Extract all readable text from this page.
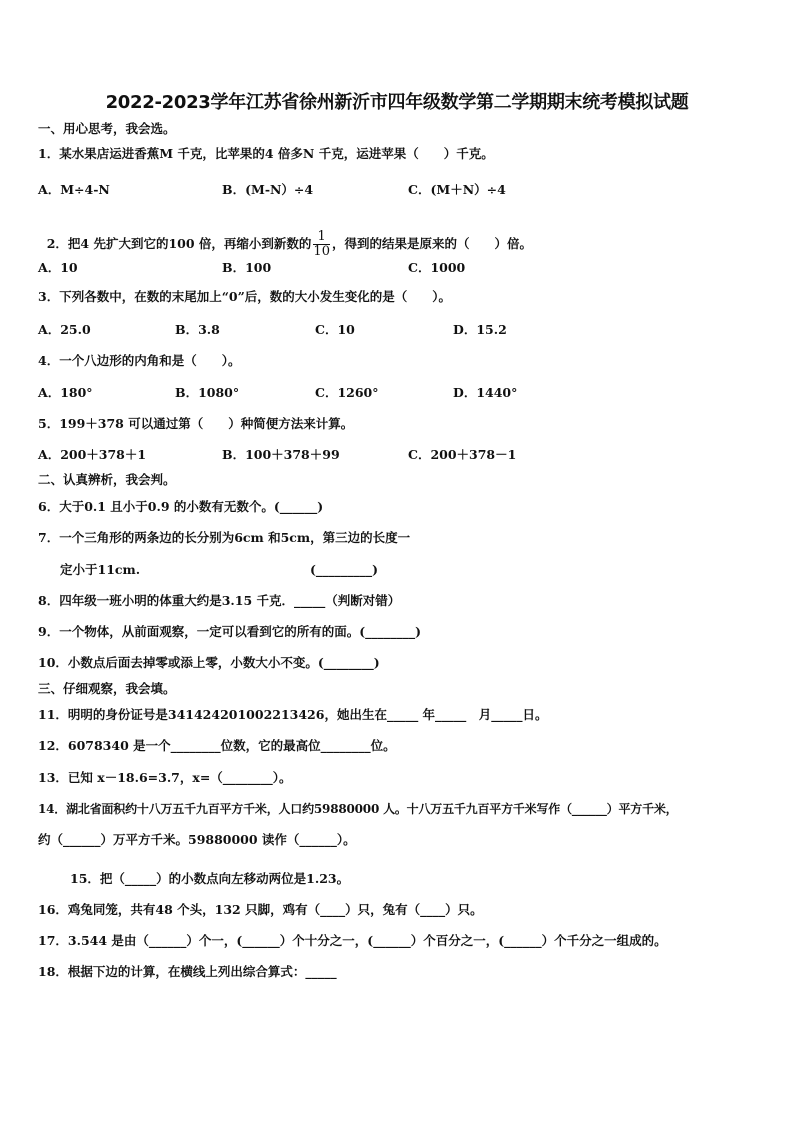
2022-2023学年江苏省徐州新沂市四年级数学第二学期期末统考模拟试题
一、用心思考，我会选。
1．某水果店运进香蕉M 千克，比苹果的4 倍多N 千克，运进苹果（　　）千克。
A．M÷4-N	B．(M-N）÷4	C．(M＋N）÷4

2．把4 先扩大到它的100 倍，再缩小到新数的 $\frac{1}{10}$ ，得到的结果是原来的（　　）倍。

A．10	B．100	C．1000
3．下列各数中，在数的末尾加上“0”后，数的大小发生变化的是（　　）。
A．25.0	B．3.8	C．10	D．15.2
4．一个八边形的内角和是（　　）。
A．180°	B．1080°	C．1260°	D．1440°
5．199＋378 可以通过第（　　）种简便方法来计算。
A．200＋378＋1	B．100＋378＋99	C．200＋378－1
二、认真辨析，我会判。
6．大于0.1 且小于0.9 的小数有无数个。(______)
7．一个三角形的两条边的长分别为6cm 和5cm，第三边的长度一
定小于11cm.	(_________)
8．四年级一班小明的体重大约是3.15 千克．_____（判断对错）
9．一个物体，从前面观察，一定可以看到它的所有的面。(________)
10．小数点后面去掉零或添上零，小数大小不变。(________)
三、仔细观察，我会填。
11．明明的身份证号是341424201002213426，她出生在_____ 年_____　月_____日。
12．6078340 是一个________位数，它的最高位________位。
13．已知 x－18.6=3.7，x=（________）。
14．湖北省面积约十八万五千九百平方千米，人口约59880000 人。十八万五千九百平方千米写作（______）平方千米，
约（______）万平方千米。59880000 读作（______）。
15．把（_____）的小数点向左移动两位是1.23。
16．鸡兔同笼，共有48 个头，132 只脚，鸡有（____）只，兔有（____）只。
17．3.544 是由（______）个一，(______）个十分之一，(______）个百分之一，(______）个千分之一组成的。
18．根据下边的计算，在横线上列出综合算式：_____
